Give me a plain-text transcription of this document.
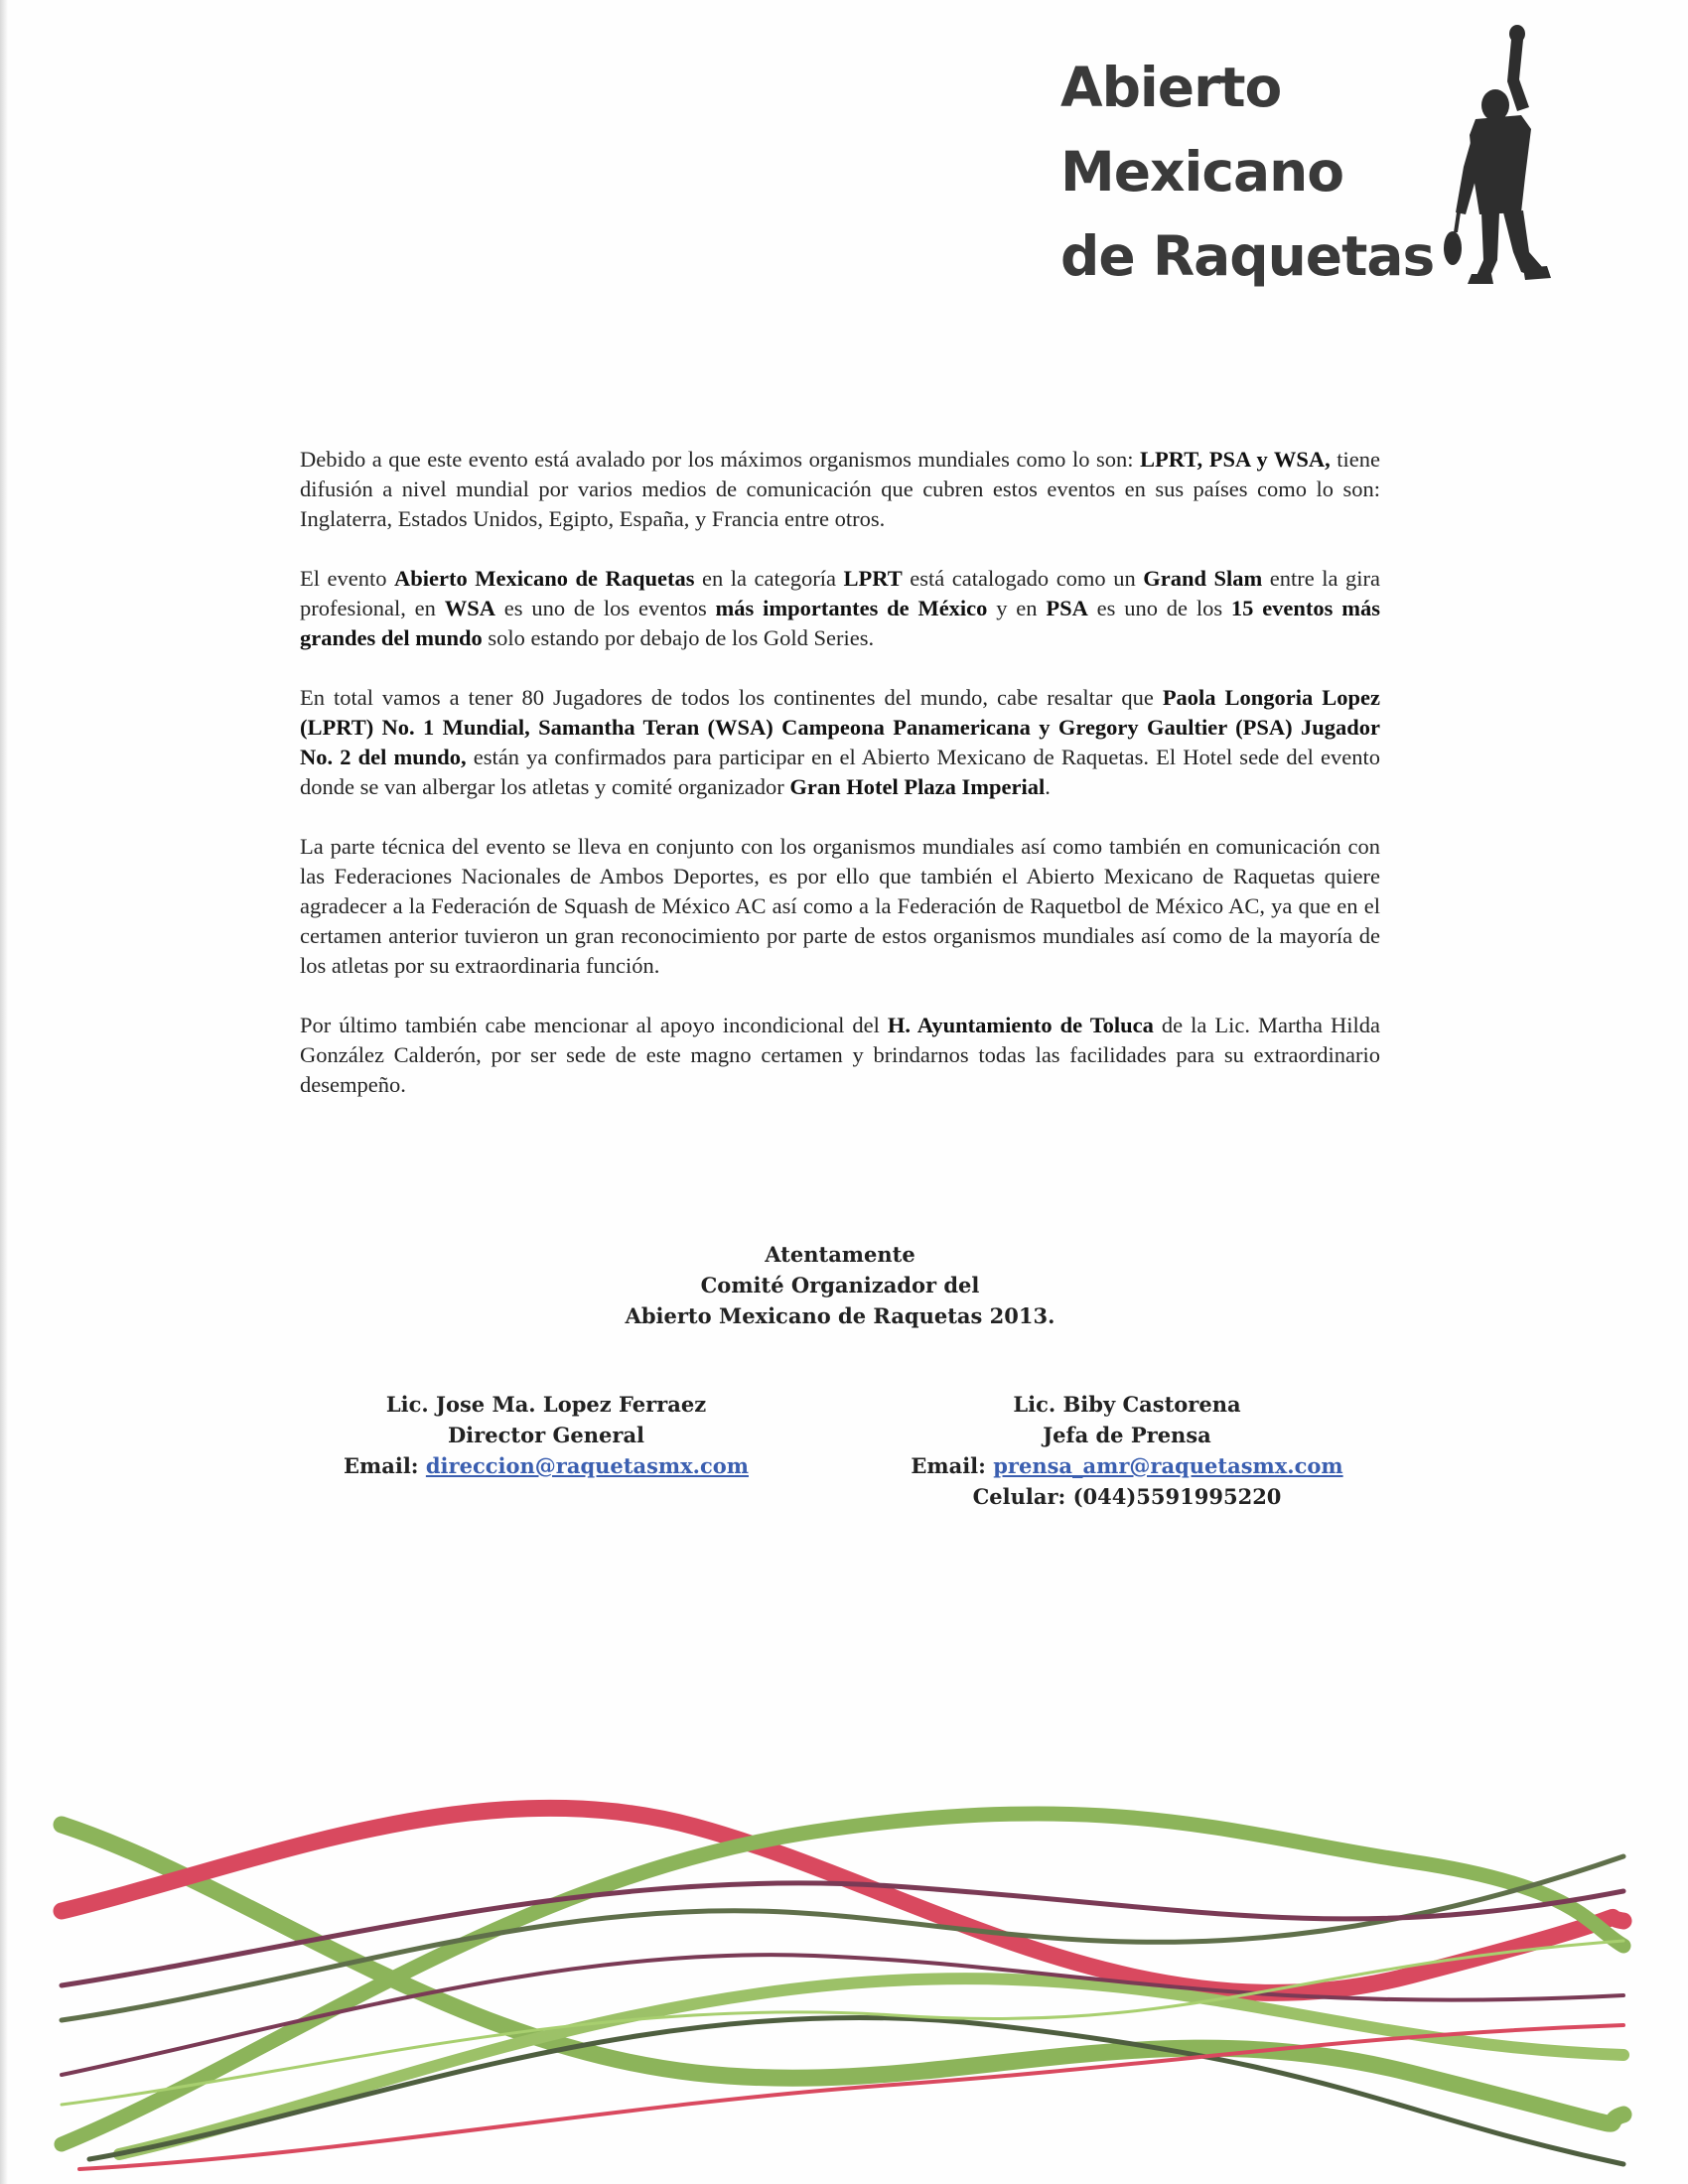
Abierto
Mexicano
de Raquetas

Debido a que este evento está avalado por los máximos organismos mundiales como lo son: LPRT, PSA y WSA, tiene difusión a nivel mundial por varios medios de comunicación que cubren estos eventos en sus países como lo son: Inglaterra, Estados Unidos, Egipto, España, y Francia entre otros.

El evento Abierto Mexicano de Raquetas en la categoría LPRT está catalogado como un Grand Slam entre la gira profesional, en WSA es uno de los eventos más importantes de México y en PSA es uno de los 15 eventos más grandes del mundo solo estando por debajo de los Gold Series.

En total vamos a tener 80 Jugadores de todos los continentes del mundo, cabe resaltar que Paola Longoria Lopez (LPRT) No. 1 Mundial, Samantha Teran (WSA) Campeona Panamericana y Gregory Gaultier (PSA) Jugador No. 2 del mundo, están ya confirmados para participar en el Abierto Mexicano de Raquetas. El Hotel sede del evento donde se van albergar los atletas y comité organizador Gran Hotel Plaza Imperial.

La parte técnica del evento se lleva en conjunto con los organismos mundiales así como también en comunicación con las Federaciones Nacionales de Ambos Deportes, es por ello que también el Abierto Mexicano de Raquetas quiere agradecer a la Federación de Squash de México AC así como a la Federación de Raquetbol de México AC, ya que en el certamen anterior tuvieron un gran reconocimiento por parte de estos organismos mundiales así como de la mayoría de los atletas por su extraordinaria función.

Por último también cabe mencionar al apoyo incondicional del H. Ayuntamiento de Toluca de la Lic. Martha Hilda González Calderón, por ser sede de este magno certamen y brindarnos todas las facilidades para su extraordinario desempeño.

Atentamente
Comité Organizador del
Abierto Mexicano de Raquetas 2013.
Lic. Jose Ma. Lopez Ferraez
Director General
Email: direccion@raquetasmx.com
Lic. Biby Castorena
Jefa de Prensa
Email: prensa_amr@raquetasmx.com
Celular: (044)5591995220
